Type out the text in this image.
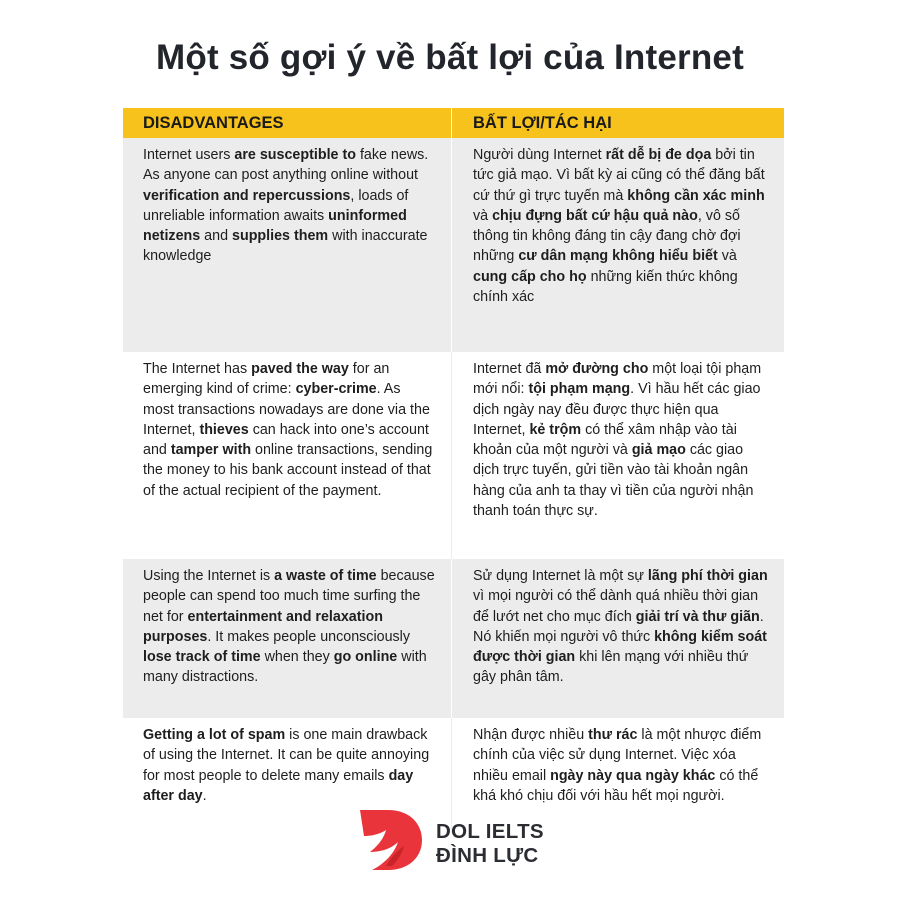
Một số gợi ý về bất lợi của Internet
DISADVANTAGES	BẤT LỢI/TÁC HẠI
Internet users are susceptible to fake news. As anyone can post anything online without verification and repercussions, loads of unreliable information awaits uninformed netizens and supplies them with inaccurate knowledge
Người dùng Internet rất dễ bị đe dọa bởi tin tức giả mạo. Vì bất kỳ ai cũng có thể đăng bất cứ thứ gì trực tuyến mà không cần xác minh và chịu đựng bất cứ hậu quả nào, vô số thông tin không đáng tin cậy đang chờ đợi những cư dân mạng không hiểu biết và cung cấp cho họ những kiến thức không chính xác
The Internet has paved the way for an emerging kind of crime: cyber-crime. As most transactions nowadays are done via the Internet, thieves can hack into one’s account and tamper with online transactions, sending the money to his bank account instead of that of the actual recipient of the payment.
Internet đã mở đường cho một loại tội phạm mới nổi: tội phạm mạng. Vì hầu hết các giao dịch ngày nay đều được thực hiện qua Internet, kẻ trộm có thể xâm nhập vào tài khoản của một người và giả mạo các giao dịch trực tuyến, gửi tiền vào tài khoản ngân hàng của anh ta thay vì tiền của người nhận thanh toán thực sự.
Using the Internet is a waste of time because people can spend too much time surfing the net for entertainment and relaxation purposes. It makes people unconsciously lose track of time when they go online with many distractions.
Sử dụng Internet là một sự lãng phí thời gian vì mọi người có thể dành quá nhiều thời gian để lướt net cho mục đích giải trí và thư giãn. Nó khiến mọi người vô thức không kiểm soát được thời gian khi lên mạng với nhiều thứ gây phân tâm.
Getting a lot of spam is one main drawback of using the Internet. It can be quite annoying for most people to delete many emails day after day.
Nhận được nhiều thư rác là một nhược điểm chính của việc sử dụng Internet. Việc xóa nhiều email ngày này qua ngày khác có thể khá khó chịu đối với hầu hết mọi người.
DOL IELTS
ĐÌNH LỰC
